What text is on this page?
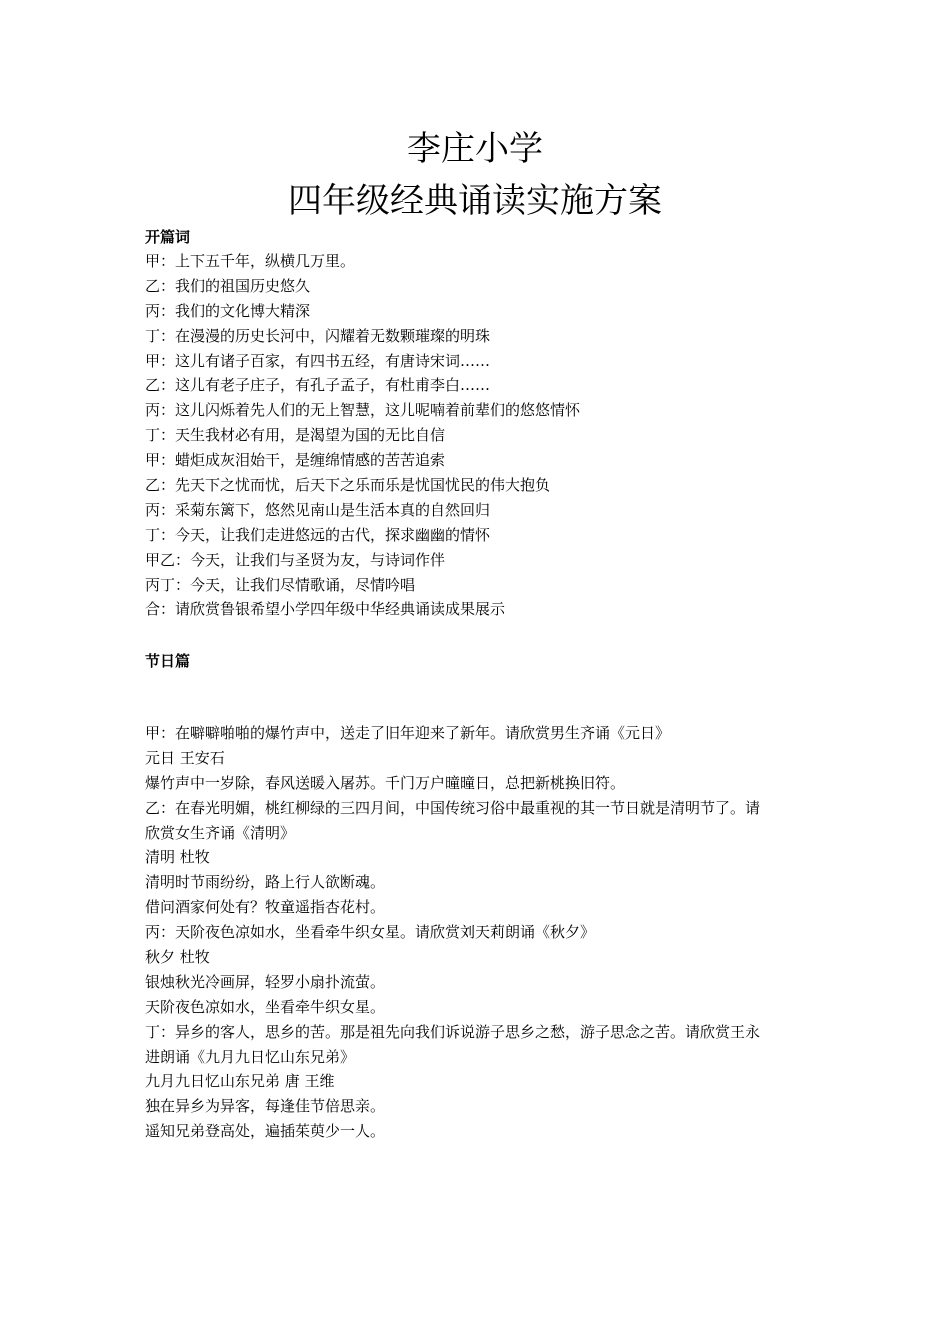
李庄小学
四年级经典诵读实施方案
开篇词
甲：上下五千年，纵横几万里。
乙：我们的祖国历史悠久
丙：我们的文化博大精深
丁：在漫漫的历史长河中，闪耀着无数颗璀璨的明珠
甲：这儿有诸子百家，有四书五经，有唐诗宋词……
乙：这儿有老子庄子，有孔子孟子，有杜甫李白……
丙：这儿闪烁着先人们的无上智慧，这儿呢喃着前辈们的悠悠情怀
丁：天生我材必有用，是渴望为国的无比自信
甲：蜡炬成灰泪始干，是缠绵情感的苦苦追索
乙：先天下之忧而忧，后天下之乐而乐是忧国忧民的伟大抱负
丙：采菊东篱下，悠然见南山是生活本真的自然回归
丁：今天，让我们走进悠远的古代，探求幽幽的情怀
甲乙：今天，让我们与圣贤为友，与诗词作伴
丙丁：今天，让我们尽情歌诵，尽情吟唱
合：请欣赏鲁银希望小学四年级中华经典诵读成果展示
节日篇
甲：在噼噼啪啪的爆竹声中，送走了旧年迎来了新年。请欣赏男生齐诵《元日》
元日 王安石
爆竹声中一岁除，春风送暖入屠苏。千门万户曈曈日，总把新桃换旧符。
乙：在春光明媚，桃红柳绿的三四月间，中国传统习俗中最重视的其一节日就是清明节了。请
欣赏女生齐诵《清明》
清明 杜牧
清明时节雨纷纷，路上行人欲断魂。
借问酒家何处有？牧童遥指杏花村。
丙：天阶夜色凉如水，坐看牵牛织女星。请欣赏刘天莉朗诵《秋夕》
秋夕 杜牧
银烛秋光冷画屏，轻罗小扇扑流萤。
天阶夜色凉如水，坐看牵牛织女星。
丁：异乡的客人，思乡的苦。那是祖先向我们诉说游子思乡之愁，游子思念之苦。请欣赏王永
进朗诵《九月九日忆山东兄弟》
九月九日忆山东兄弟 唐 王维
独在异乡为异客，每逢佳节倍思亲。
遥知兄弟登高处，遍插茱萸少一人。
